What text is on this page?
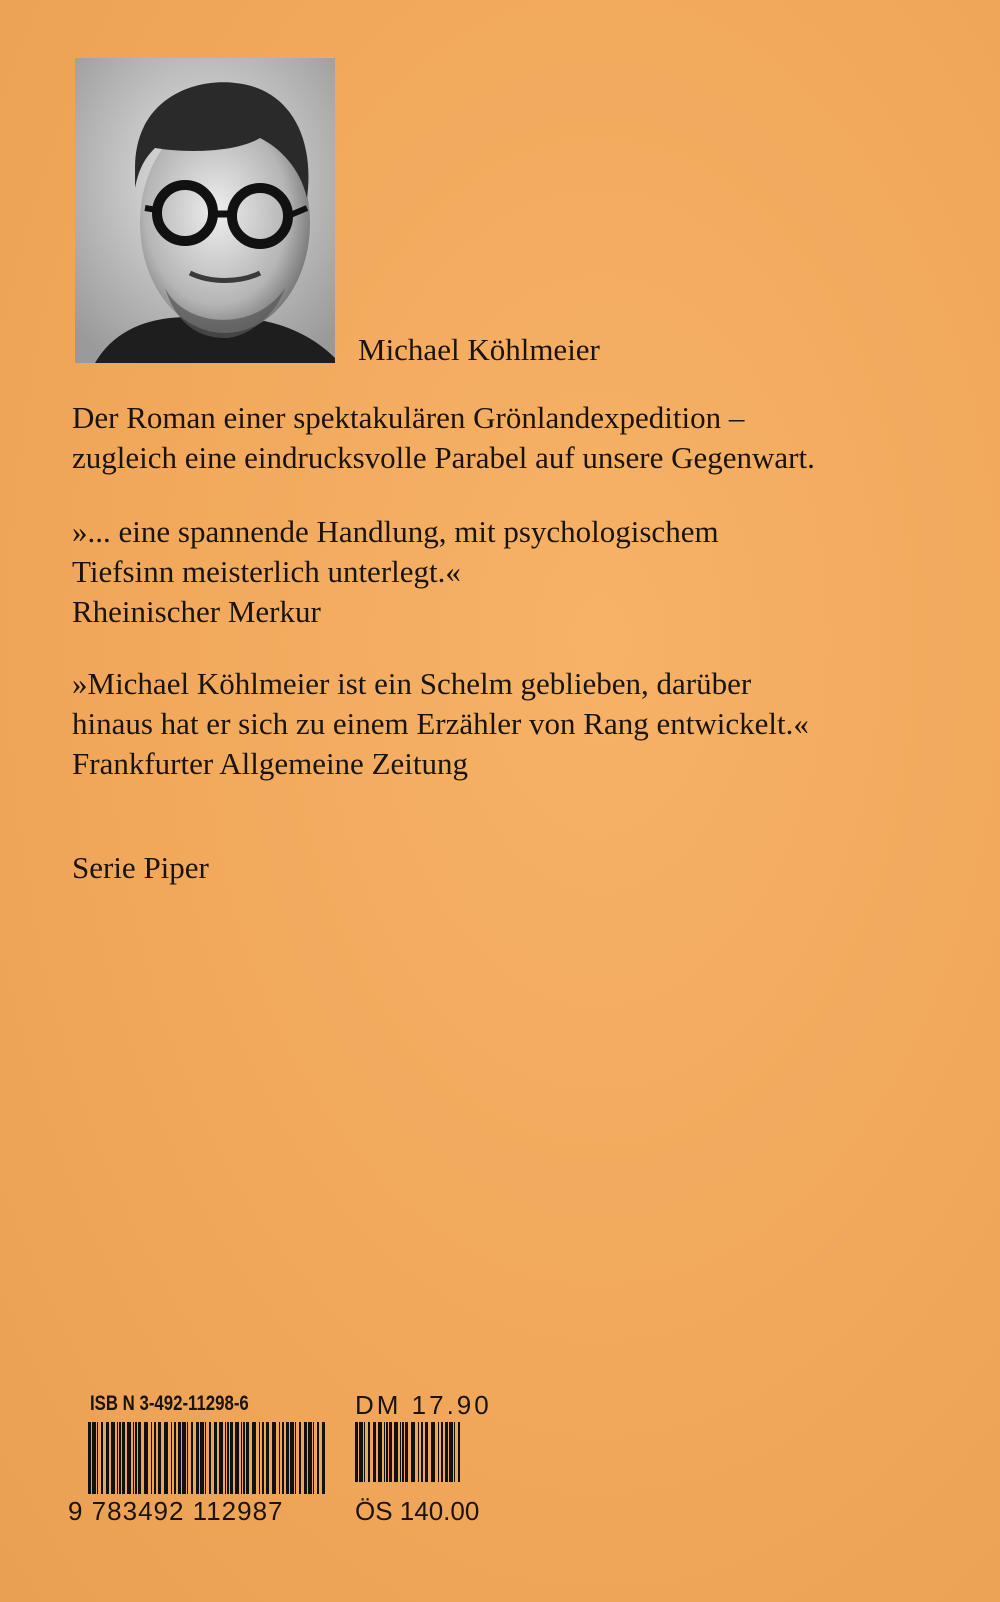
Michael Köhlmeier
Der Roman einer spektakulären Grönlandexpedition –
zugleich eine eindrucksvolle Parabel auf unsere Gegenwart.
»... eine spannende Handlung, mit psychologischem
Tiefsinn meisterlich unterlegt.«
Rheinischer Merkur
»Michael Köhlmeier ist ein Schelm geblieben, darüber
hinaus hat er sich zu einem Erzähler von Rang entwickelt.«
Frankfurter Allgemeine Zeitung
Serie Piper
ISB N 3-492-11298-6	DM 17.90
9 783492 112987	ÖS 140.00
